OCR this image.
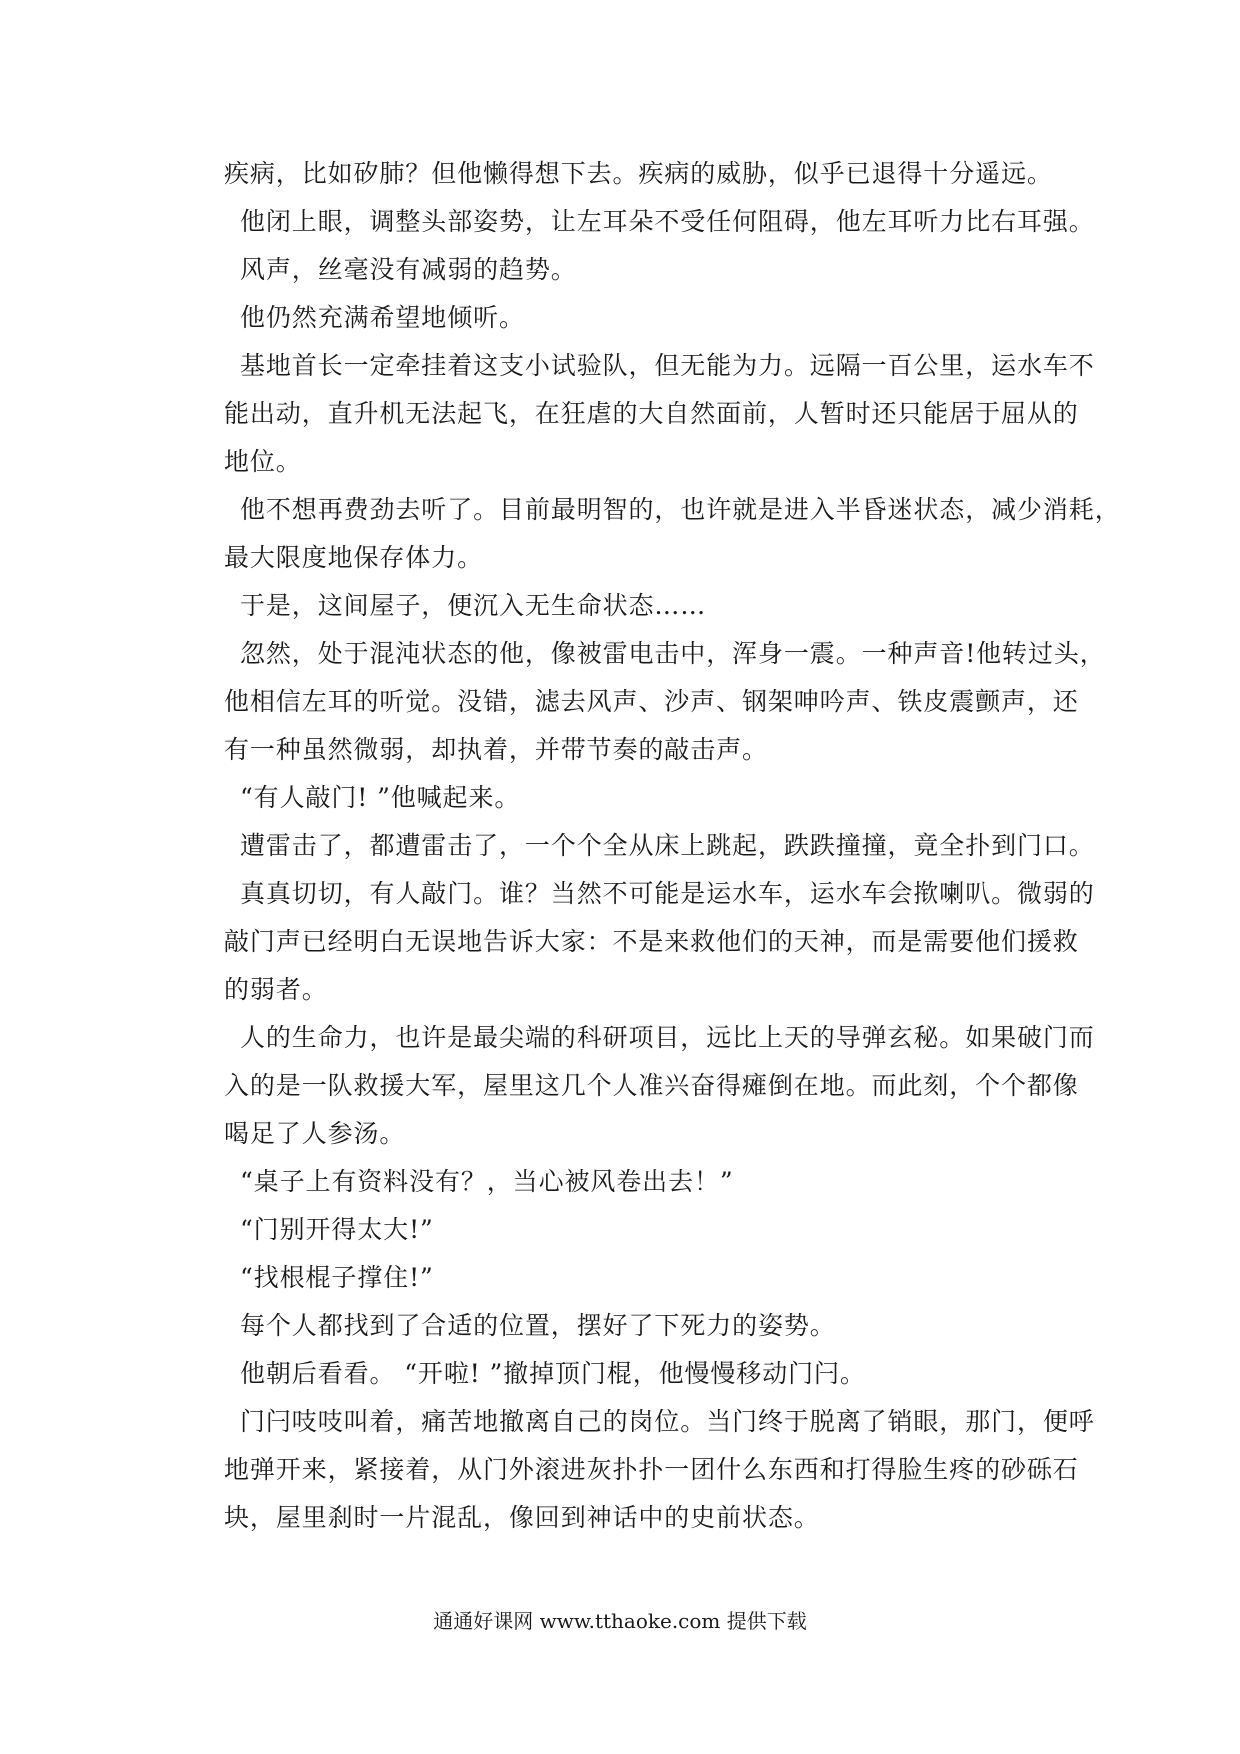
疾病，比如矽肺？但他懒得想下去。疾病的威胁，似乎已退得十分遥远。
他闭上眼，调整头部姿势，让左耳朵不受任何阻碍，他左耳听力比右耳强。
风声，丝毫没有减弱的趋势。
他仍然充满希望地倾听。
基地首长一定牵挂着这支小试验队，但无能为力。远隔一百公里，运水车不
能出动，直升机无法起飞，在狂虐的大自然面前，人暂时还只能居于屈从的
地位。
他不想再费劲去听了。目前最明智的，也许就是进入半昏迷状态，减少消耗，
最大限度地保存体力。
于是，这间屋子，便沉入无生命状态……
忽然，处于混沌状态的他，像被雷电击中，浑身一震。一种声音!他转过头，
他相信左耳的听觉。没错，滤去风声、沙声、钢架呻吟声、铁皮震颤声，还
有一种虽然微弱，却执着，并带节奏的敲击声。
“有人敲门! ”他喊起来。
遭雷击了，都遭雷击了，一个个全从床上跳起，跌跌撞撞，竟全扑到门口。
真真切切，有人敲门。谁？当然不可能是运水车，运水车会揿喇叭。微弱的
敲门声已经明白无误地告诉大家：不是来救他们的天神，而是需要他们援救
的弱者。
人的生命力，也许是最尖端的科研项目，远比上天的导弹玄秘。如果破门而
入的是一队救援大军，屋里这几个人准兴奋得瘫倒在地。而此刻，个个都像
喝足了人参汤。
“桌子上有资料没有？，当心被风卷出去！”
“门别开得太大!”
“找根棍子撑住!”
每个人都找到了合适的位置，摆好了下死力的姿势。
他朝后看看。 “开啦! ”撤掉顶门棍，他慢慢移动门闩。
门闩吱吱叫着，痛苦地撤离自己的岗位。当门终于脱离了销眼，那门，便呼
地弹开来，紧接着，从门外滚进灰扑扑一团什么东西和打得脸生疼的砂砾石
块，屋里刹时一片混乱，像回到神话中的史前状态。
通通好课网 www.tthaoke.com 提供下载
